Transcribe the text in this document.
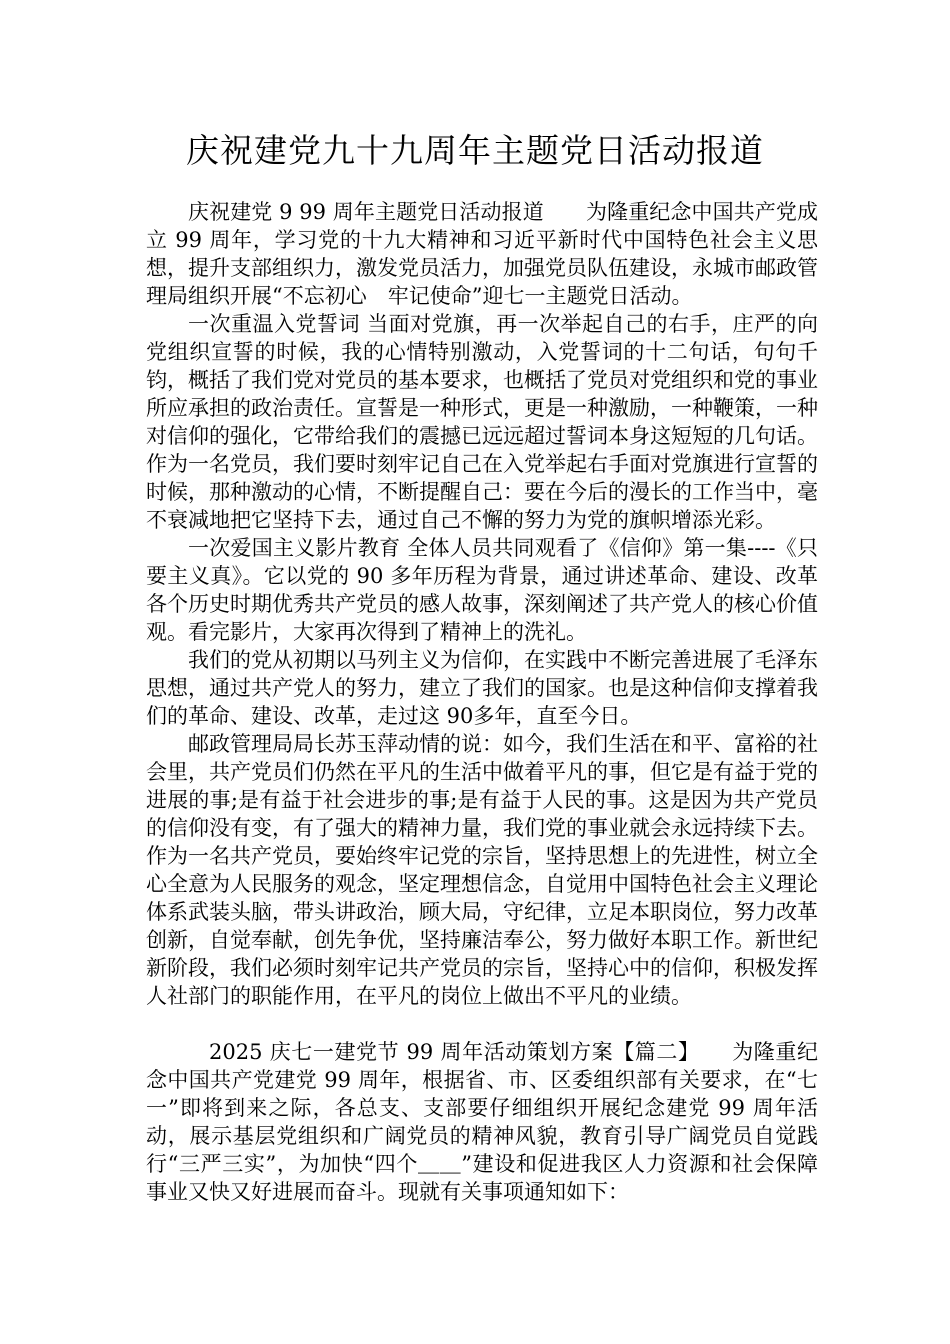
庆祝建党九十九周年主题党日活动报道

庆祝建党 9 99 周年主题党日活动报道　　为隆重纪念中国共产党成立 99 周年，学习党的十九大精神和习近平新时代中国特色社会主义思想，提升支部组织力，激发党员活力，加强党员队伍建设，永城市邮政管理局组织开展“不忘初心　牢记使命”迎七一主题党日活动。

一次重温入党誓词 当面对党旗，再一次举起自己的右手，庄严的向党组织宣誓的时候，我的心情特别激动，入党誓词的十二句话，句句千钧，概括了我们党对党员的基本要求，也概括了党员对党组织和党的事业所应承担的政治责任。宣誓是一种形式，更是一种激励，一种鞭策，一种对信仰的强化，它带给我们的震撼已远远超过誓词本身这短短的几句话。作为一名党员，我们要时刻牢记自己在入党举起右手面对党旗进行宣誓的时候，那种激动的心情，不断提醒自己：要在今后的漫长的工作当中，毫不衰减地把它坚持下去，通过自己不懈的努力为党的旗帜增添光彩。

一次爱国主义影片教育 全体人员共同观看了《信仰》第一集----《只要主义真》。它以党的 90 多年历程为背景，通过讲述革命、建设、改革各个历史时期优秀共产党员的感人故事，深刻阐述了共产党人的核心价值观。看完影片，大家再次得到了精神上的洗礼。

我们的党从初期以马列主义为信仰，在实践中不断完善进展了毛泽东思想，通过共产党人的努力，建立了我们的国家。也是这种信仰支撑着我们的革命、建设、改革，走过这 90多年，直至今日。

邮政管理局局长苏玉萍动情的说：如今，我们生活在和平、富裕的社会里，共产党员们仍然在平凡的生活中做着平凡的事，但它是有益于党的进展的事;是有益于社会进步的事;是有益于人民的事。这是因为共产党员的信仰没有变，有了强大的精神力量，我们党的事业就会永远持续下去。作为一名共产党员，要始终牢记党的宗旨，坚持思想上的先进性，树立全心全意为人民服务的观念，坚定理想信念，自觉用中国特色社会主义理论体系武装头脑，带头讲政治，顾大局，守纪律，立足本职岗位，努力改革创新，自觉奉献，创先争优，坚持廉洁奉公，努力做好本职工作。新世纪新阶段，我们必须时刻牢记共产党员的宗旨，坚持心中的信仰，积极发挥人社部门的职能作用，在平凡的岗位上做出不平凡的业绩。

2025 庆七一建党节 99 周年活动策划方案【篇二】　　为隆重纪念中国共产党建党 99 周年，根据省、市、区委组织部有关要求，在“七一”即将到来之际，各总支、支部要仔细组织开展纪念建党 99 周年活动，展示基层党组织和广阔党员的精神风貌，教育引导广阔党员自觉践行“三严三实”，为加快“四个＿＿”建设和促进我区人力资源和社会保障事业又快又好进展而奋斗。现就有关事项通知如下：
